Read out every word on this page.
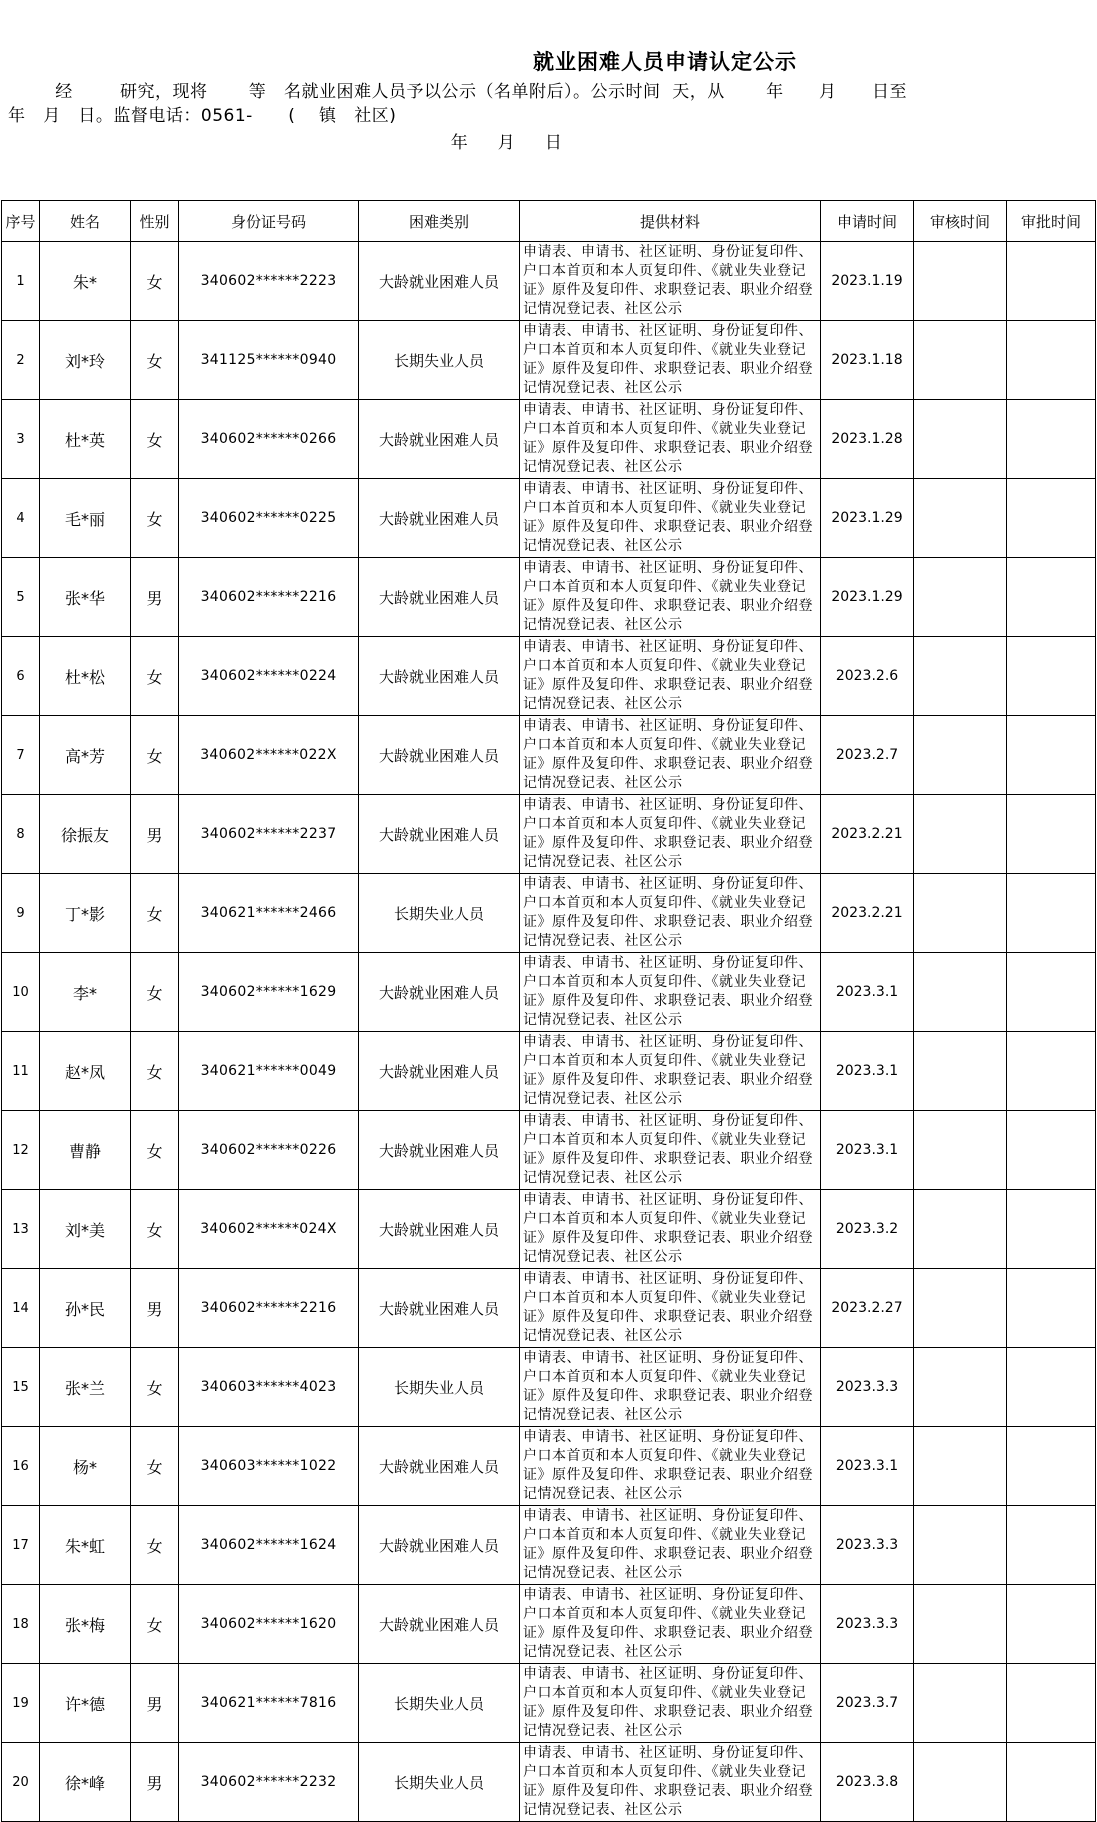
就业困难人员申请认定公示
经        研究，现将       等   名就业困难人员予以公示（名单附后）。公示时间  天，从       年      月      日至
年   月   日。监督电话：0561-      (    镇   社区)
年     月     日
序号	姓名	性别	身份证号码	困难类别	提供材料	申请时间	审核时间	审批时间
1	朱*	女	340602******2223	大龄就业困难人员	申请表、申请书、社区证明、身份证复印件、户口本首页和本人页复印件、《就业失业登记证》原件及复印件、求职登记表、职业介绍登记情况登记表、社区公示	2023.1.19		
2	刘*玲	女	341125******0940	长期失业人员	申请表、申请书、社区证明、身份证复印件、户口本首页和本人页复印件、《就业失业登记证》原件及复印件、求职登记表、职业介绍登记情况登记表、社区公示	2023.1.18		
3	杜*英	女	340602******0266	大龄就业困难人员	申请表、申请书、社区证明、身份证复印件、户口本首页和本人页复印件、《就业失业登记证》原件及复印件、求职登记表、职业介绍登记情况登记表、社区公示	2023.1.28		
4	毛*丽	女	340602******0225	大龄就业困难人员	申请表、申请书、社区证明、身份证复印件、户口本首页和本人页复印件、《就业失业登记证》原件及复印件、求职登记表、职业介绍登记情况登记表、社区公示	2023.1.29		
5	张*华	男	340602******2216	大龄就业困难人员	申请表、申请书、社区证明、身份证复印件、户口本首页和本人页复印件、《就业失业登记证》原件及复印件、求职登记表、职业介绍登记情况登记表、社区公示	2023.1.29		
6	杜*松	女	340602******0224	大龄就业困难人员	申请表、申请书、社区证明、身份证复印件、户口本首页和本人页复印件、《就业失业登记证》原件及复印件、求职登记表、职业介绍登记情况登记表、社区公示	2023.2.6		
7	高*芳	女	340602******022X	大龄就业困难人员	申请表、申请书、社区证明、身份证复印件、户口本首页和本人页复印件、《就业失业登记证》原件及复印件、求职登记表、职业介绍登记情况登记表、社区公示	2023.2.7		
8	徐振友	男	340602******2237	大龄就业困难人员	申请表、申请书、社区证明、身份证复印件、户口本首页和本人页复印件、《就业失业登记证》原件及复印件、求职登记表、职业介绍登记情况登记表、社区公示	2023.2.21		
9	丁*影	女	340621******2466	长期失业人员	申请表、申请书、社区证明、身份证复印件、户口本首页和本人页复印件、《就业失业登记证》原件及复印件、求职登记表、职业介绍登记情况登记表、社区公示	2023.2.21		
10	李*	女	340602******1629	大龄就业困难人员	申请表、申请书、社区证明、身份证复印件、户口本首页和本人页复印件、《就业失业登记证》原件及复印件、求职登记表、职业介绍登记情况登记表、社区公示	2023.3.1		
11	赵*凤	女	340621******0049	大龄就业困难人员	申请表、申请书、社区证明、身份证复印件、户口本首页和本人页复印件、《就业失业登记证》原件及复印件、求职登记表、职业介绍登记情况登记表、社区公示	2023.3.1		
12	曹静	女	340602******0226	大龄就业困难人员	申请表、申请书、社区证明、身份证复印件、户口本首页和本人页复印件、《就业失业登记证》原件及复印件、求职登记表、职业介绍登记情况登记表、社区公示	2023.3.1		
13	刘*美	女	340602******024X	大龄就业困难人员	申请表、申请书、社区证明、身份证复印件、户口本首页和本人页复印件、《就业失业登记证》原件及复印件、求职登记表、职业介绍登记情况登记表、社区公示	2023.3.2		
14	孙*民	男	340602******2216	大龄就业困难人员	申请表、申请书、社区证明、身份证复印件、户口本首页和本人页复印件、《就业失业登记证》原件及复印件、求职登记表、职业介绍登记情况登记表、社区公示	2023.2.27		
15	张*兰	女	340603******4023	长期失业人员	申请表、申请书、社区证明、身份证复印件、户口本首页和本人页复印件、《就业失业登记证》原件及复印件、求职登记表、职业介绍登记情况登记表、社区公示	2023.3.3		
16	杨*	女	340603******1022	大龄就业困难人员	申请表、申请书、社区证明、身份证复印件、户口本首页和本人页复印件、《就业失业登记证》原件及复印件、求职登记表、职业介绍登记情况登记表、社区公示	2023.3.1		
17	朱*虹	女	340602******1624	大龄就业困难人员	申请表、申请书、社区证明、身份证复印件、户口本首页和本人页复印件、《就业失业登记证》原件及复印件、求职登记表、职业介绍登记情况登记表、社区公示	2023.3.3		
18	张*梅	女	340602******1620	大龄就业困难人员	申请表、申请书、社区证明、身份证复印件、户口本首页和本人页复印件、《就业失业登记证》原件及复印件、求职登记表、职业介绍登记情况登记表、社区公示	2023.3.3		
19	许*德	男	340621******7816	长期失业人员	申请表、申请书、社区证明、身份证复印件、户口本首页和本人页复印件、《就业失业登记证》原件及复印件、求职登记表、职业介绍登记情况登记表、社区公示	2023.3.7		
20	徐*峰	男	340602******2232	长期失业人员	申请表、申请书、社区证明、身份证复印件、户口本首页和本人页复印件、《就业失业登记证》原件及复印件、求职登记表、职业介绍登记情况登记表、社区公示	2023.3.8		
